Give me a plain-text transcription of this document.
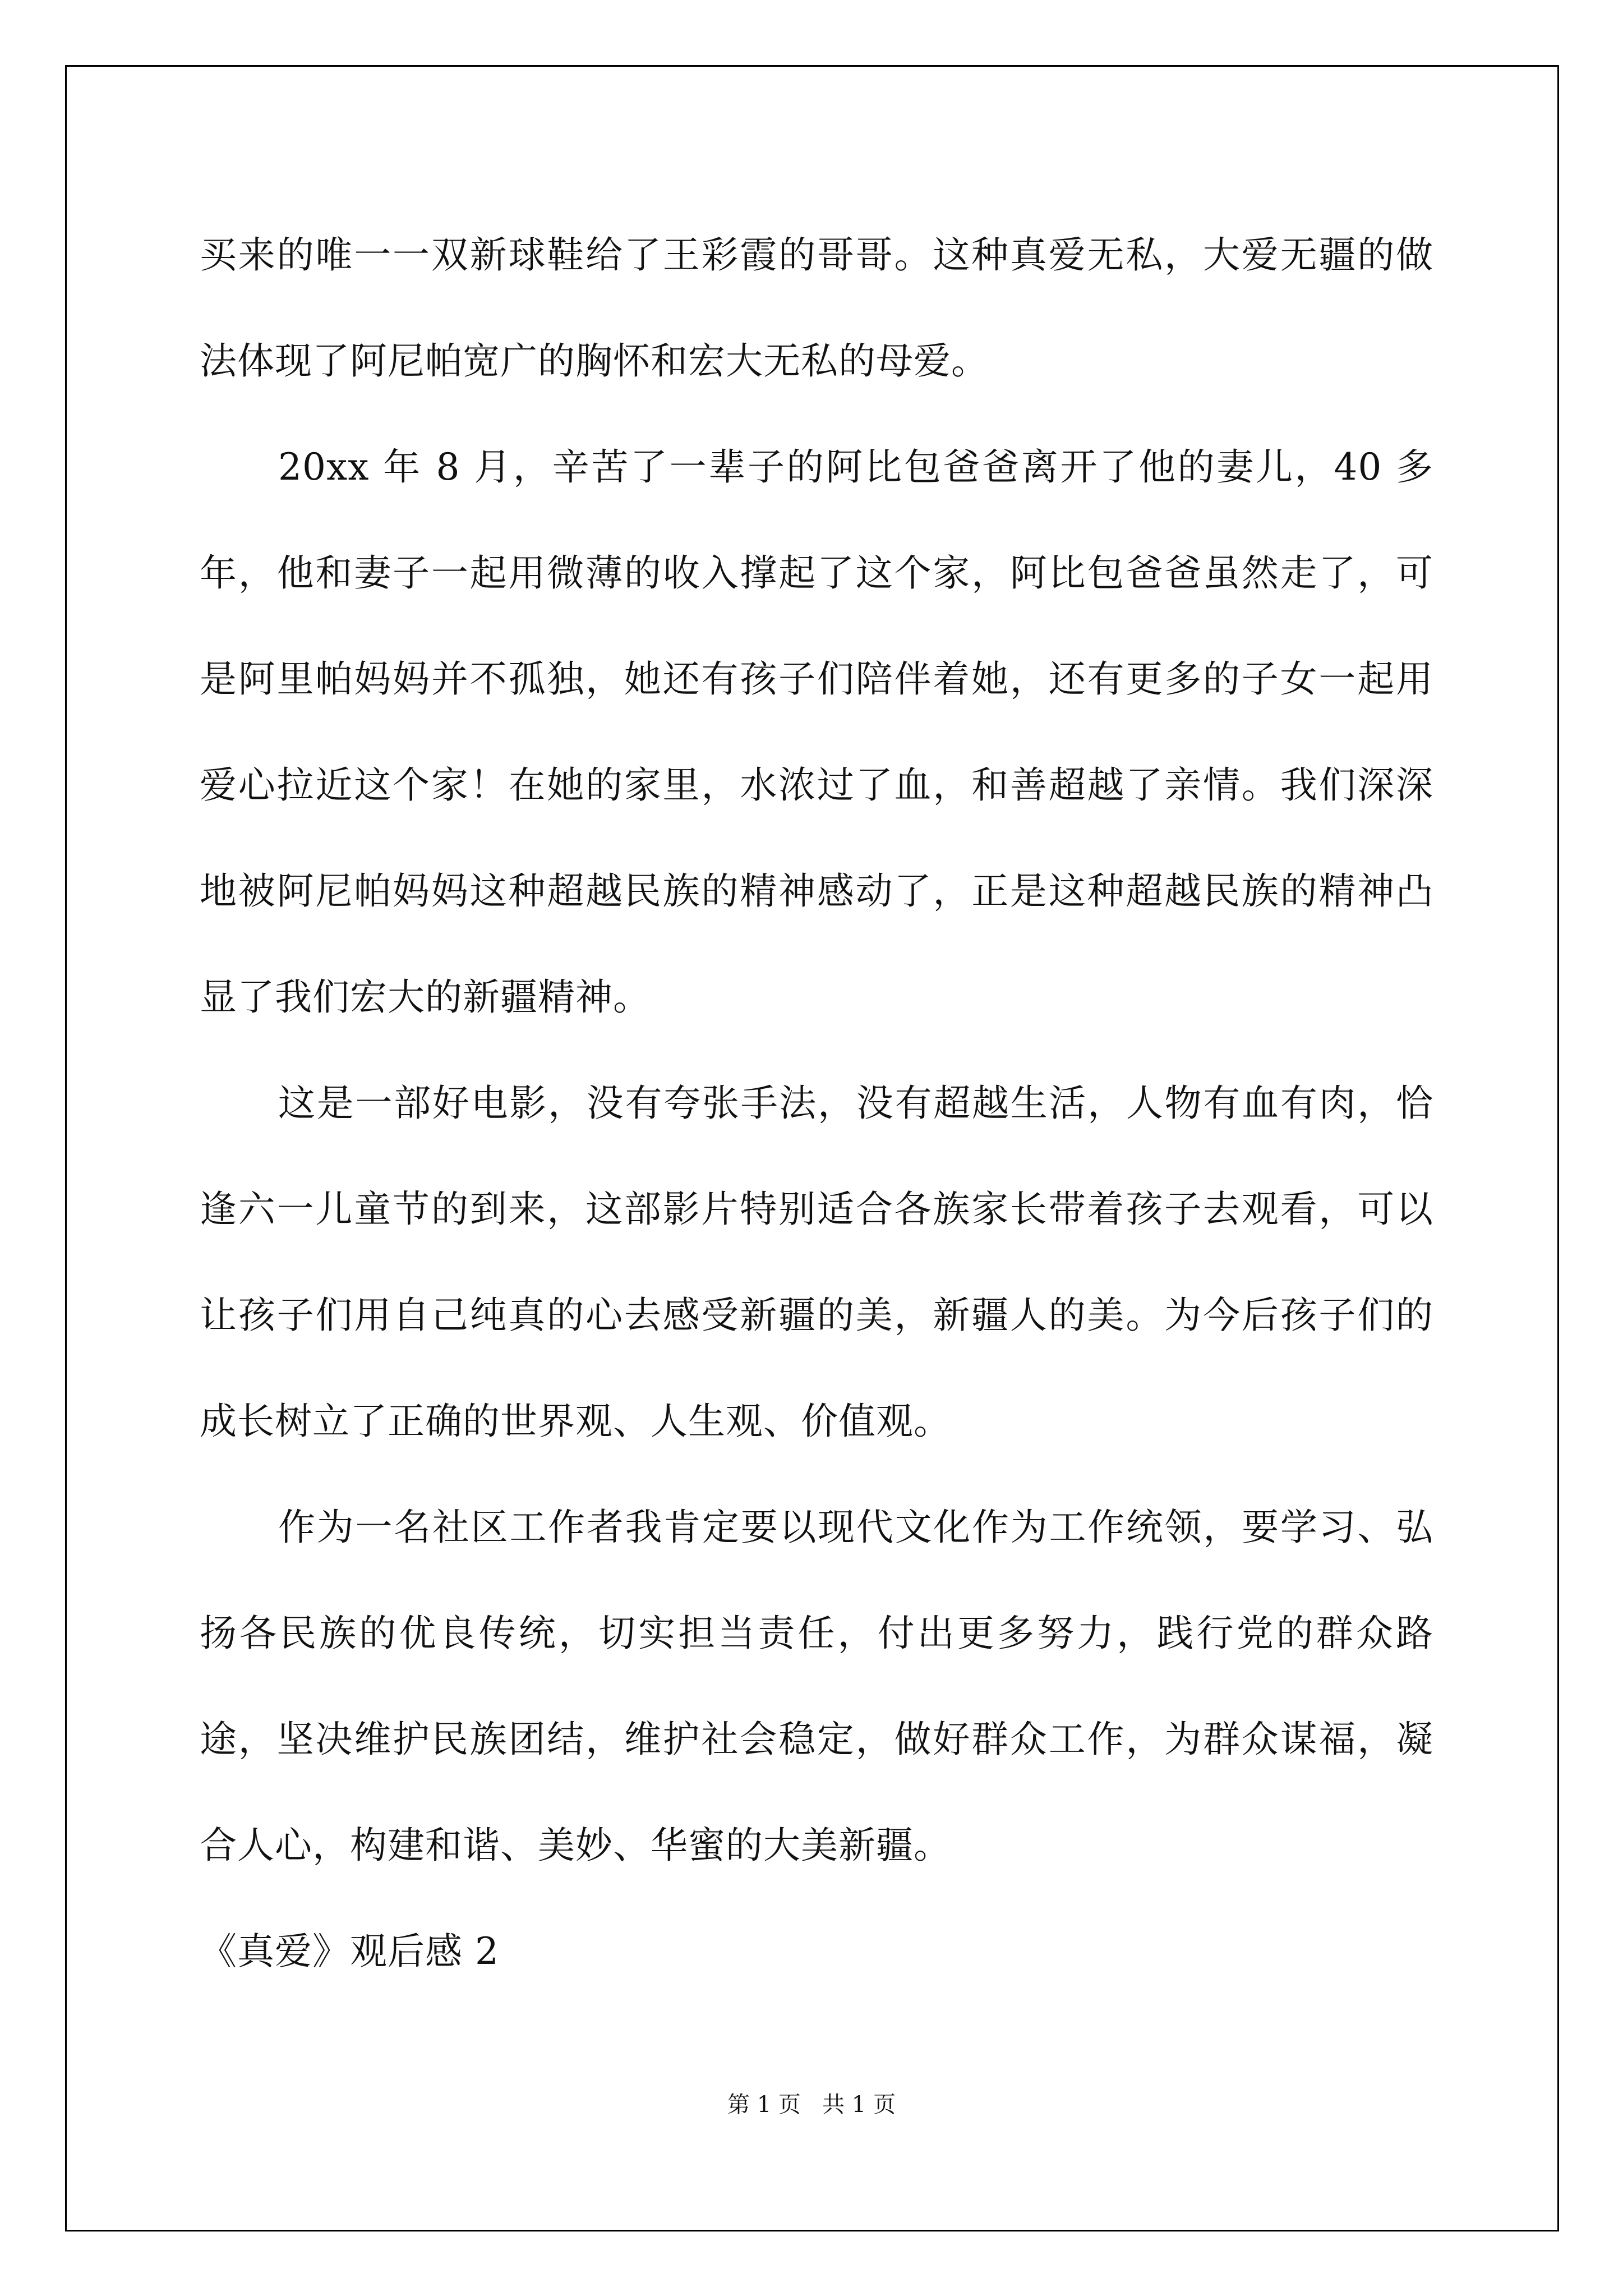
买来的唯一一双新球鞋给了王彩霞的哥哥。这种真爱无私，大爱无疆的做法体现了阿尼帕宽广的胸怀和宏大无私的母爱。

20xx 年 8 月，辛苦了一辈子的阿比包爸爸离开了他的妻儿，40 多年，他和妻子一起用微薄的收入撑起了这个家，阿比包爸爸虽然走了，可是阿里帕妈妈并不孤独，她还有孩子们陪伴着她，还有更多的子女一起用爱心拉近这个家！在她的家里，水浓过了血，和善超越了亲情。我们深深地被阿尼帕妈妈这种超越民族的精神感动了，正是这种超越民族的精神凸显了我们宏大的新疆精神。

这是一部好电影，没有夸张手法，没有超越生活，人物有血有肉，恰逢六一儿童节的到来，这部影片特别适合各族家长带着孩子去观看，可以让孩子们用自己纯真的心去感受新疆的美，新疆人的美。为今后孩子们的成长树立了正确的世界观、人生观、价值观。

作为一名社区工作者我肯定要以现代文化作为工作统领，要学习、弘扬各民族的优良传统，切实担当责任，付出更多努力，践行党的群众路途，坚决维护民族团结，维护社会稳定，做好群众工作，为群众谋福，凝合人心，构建和谐、美妙、华蜜的大美新疆。

《真爱》观后感 2

第 1 页   共 1 页
